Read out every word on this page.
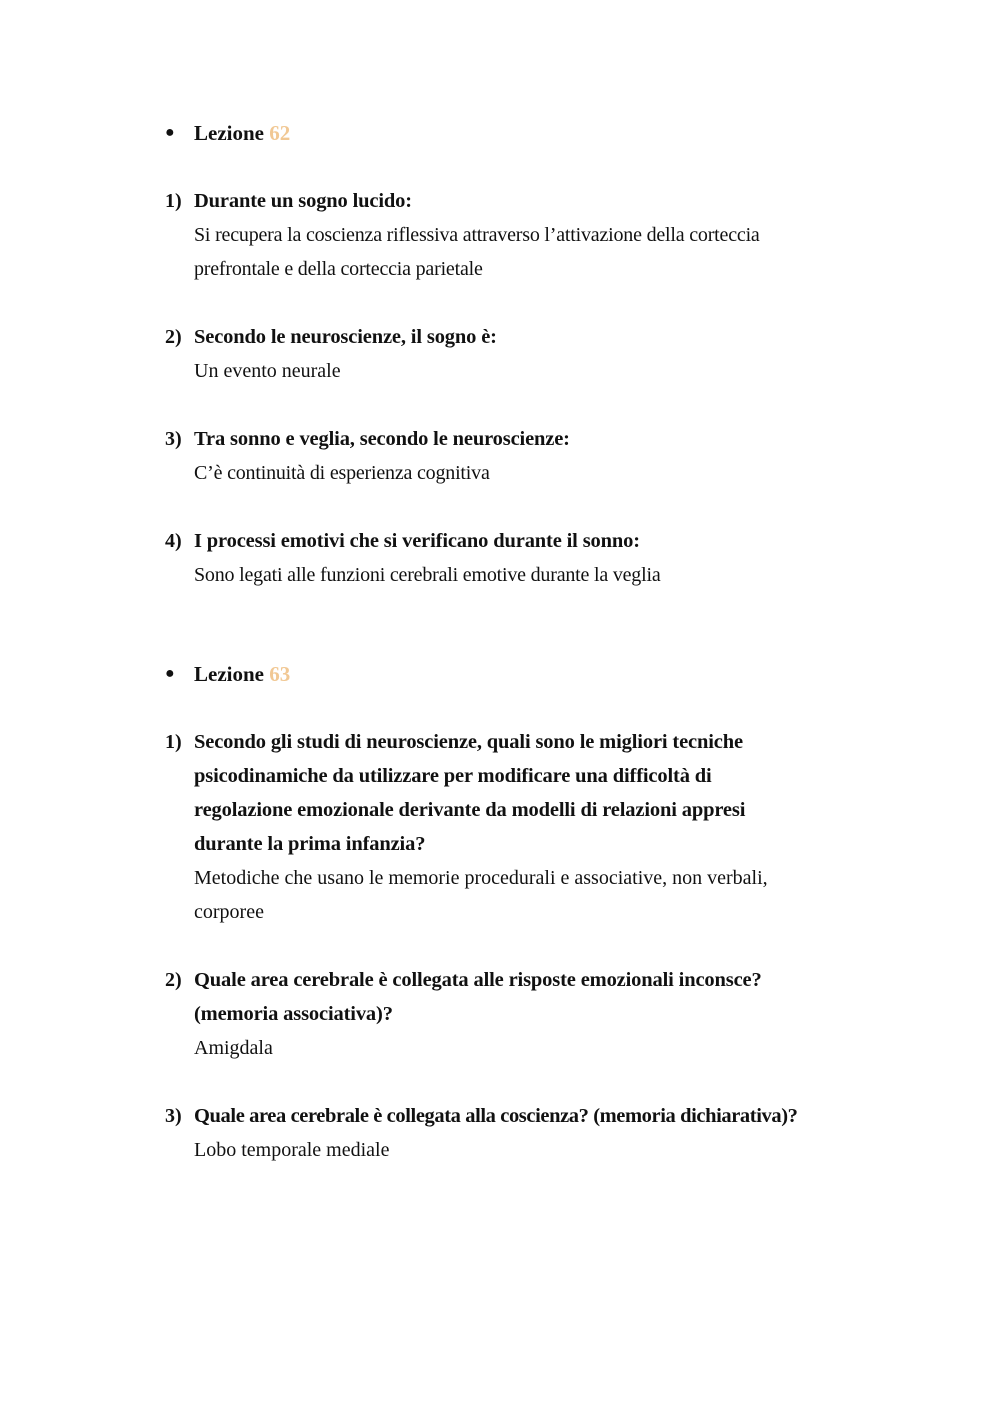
● Lezione 62
1) Durante un sogno lucido:
Si recupera la coscienza riflessiva attraverso l’attivazione della corteccia prefrontale e della corteccia parietale
2) Secondo le neuroscienze, il sogno è:
Un evento neurale
3) Tra sonno e veglia, secondo le neuroscienze:
C’è continuità di esperienza cognitiva
4) I processi emotivi che si verificano durante il sonno:
Sono legati alle funzioni cerebrali emotive durante la veglia
● Lezione 63
1) Secondo gli studi di neuroscienze, quali sono le migliori tecniche psicodinamiche da utilizzare per modificare una difficoltà di regolazione emozionale derivante da modelli di relazioni appresi durante la prima infanzia?
Metodiche che usano le memorie procedurali e associative, non verbali, corporee
2) Quale area cerebrale è collegata alle risposte emozionali inconsce? (memoria associativa)?
Amigdala
3) Quale area cerebrale è collegata alla coscienza? (memoria dichiarativa)?
Lobo temporale mediale
